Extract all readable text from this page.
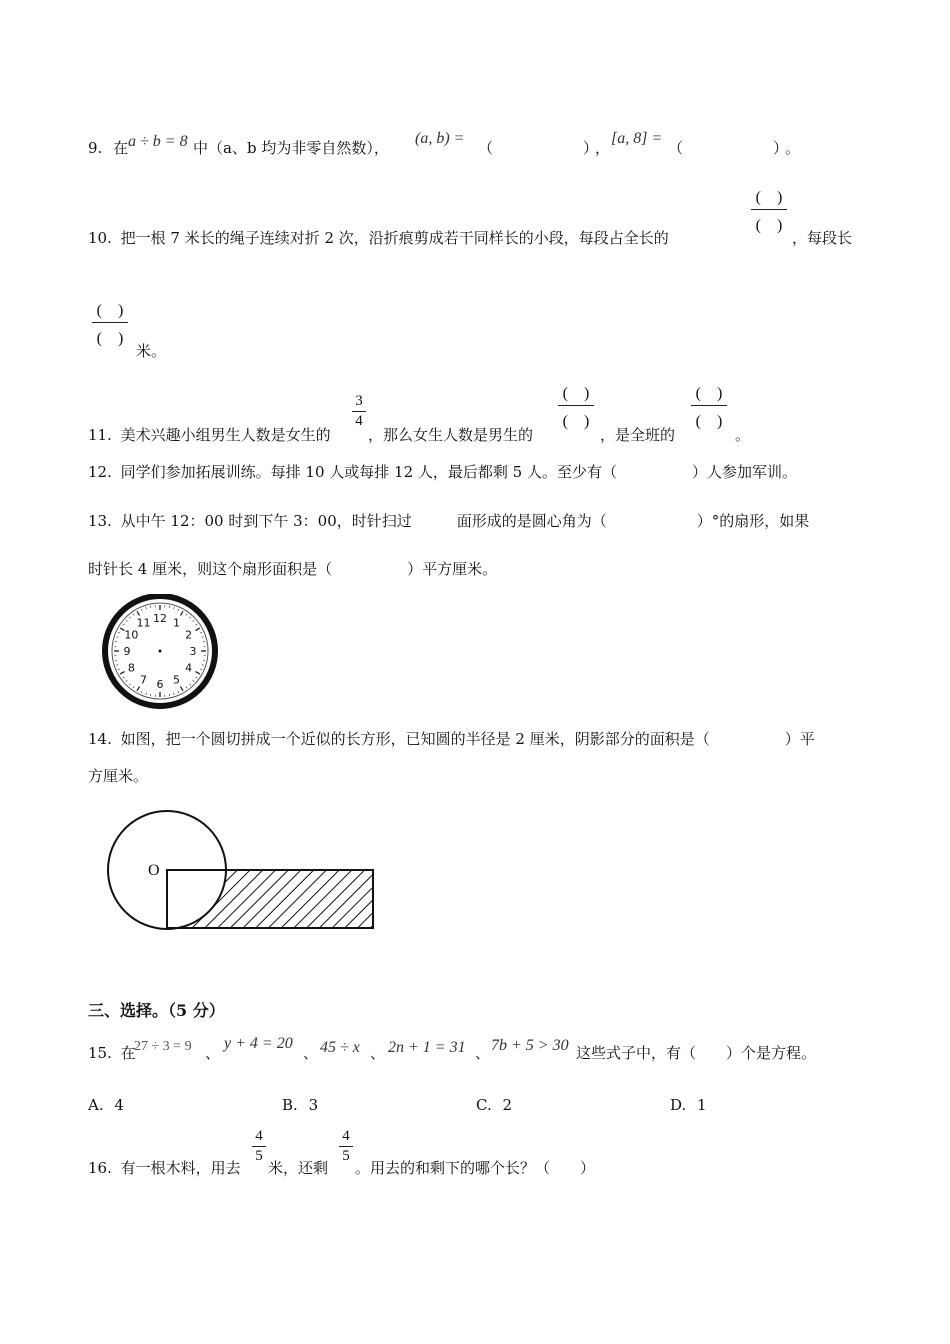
9. 在 a ÷ b = 8 中（a、b 均为非零自然数），
(a, b) =
（　　　　　　）
，
[a, 8] =
（　　　　　　）
。
(　)
(　)
10. 把一根 7 米长的绳子连续对折 2 次，沿折痕剪成若干同样长的小段，每段占全长的	，每段长
(　)
(　)
米。
11. 美术兴趣小组男生人数是女生的
3
4
，那么女生人数是男生的
(　)
(　)
，是全班的
(　)
(　)
。
12. 同学们参加拓展训练。每排 10 人或每排 12 人，最后都剩 5 人。至少有（　　　　　）人参加军训。
13. 从中午 12：00 时到下午 3：00，时针扫过　　　面形成的是圆心角为（　　　　　　）°的扇形，如果
时针长 4 厘米，则这个扇形面积是（　　　　　）平方厘米。
12 1
2
3
4
5
6
7
8
9
10
11
14. 如图，把一个圆切拼成一个近似的长方形，已知圆的半径是 2 厘米，阴影部分的面积是（　　　　　）平
方厘米。
O
三、选择。（5 分）
15. 在
27 ÷ 3 = 9 、
y + 4 = 20
、 45 ÷ x 、 2n + 1 = 31 、 7b + 5 > 30 这些式子中，有（　　）个是方程。
A. 4	B. 3	C. 2	D. 1
16. 有一根木料，用去
4
5
米，还剩
4
5
。用去的和剩下的哪个长？（　　）
